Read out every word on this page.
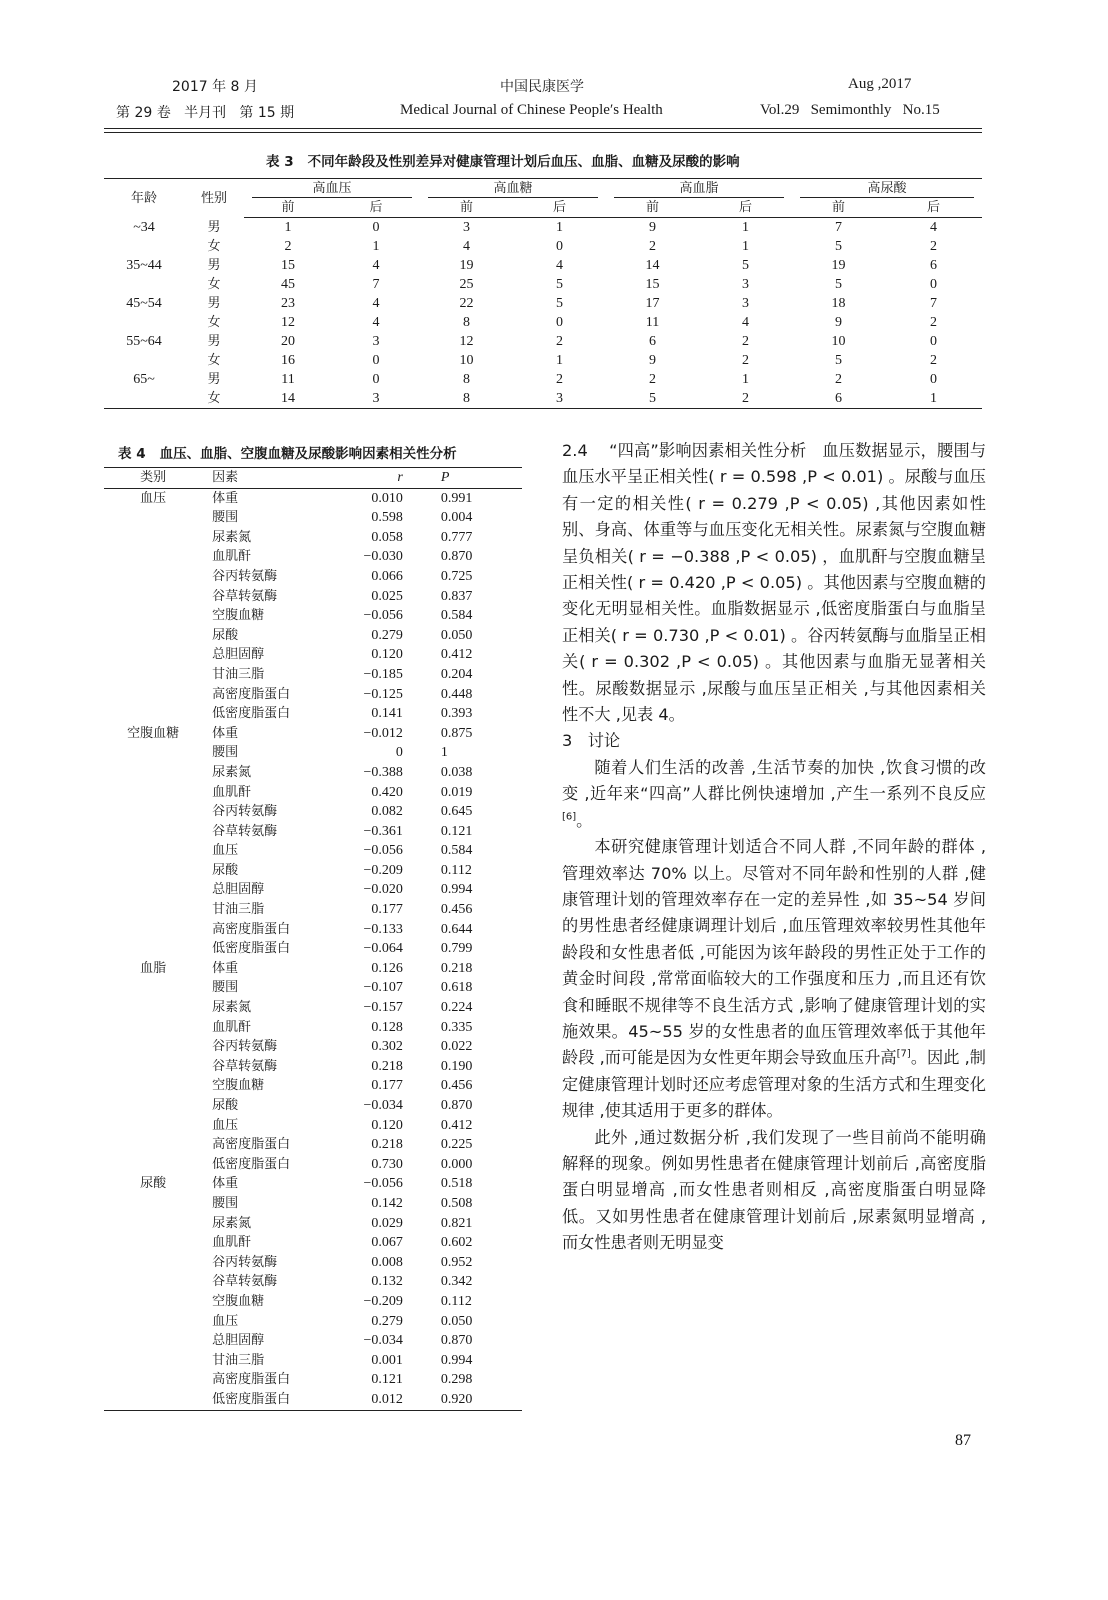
2017 年 8 月
第 29 卷   半月刊   第 15 期
中国民康医学
Medical Journal of Chinese People′s Health
Aug ,2017
Vol.29   Semimonthly   No.15
表 3 不同年龄段及性别差异对健康管理计划后血压、血脂、血糖及尿酸的影响
年龄	性别	高血压		高血糖		高血脂		高尿酸	

		前	后	前	后	前	后	前	后
~34	男	1	0	3	1	9	1	7	4
	女	2	1	4	0	2	1	5	2
35~44	男	15	4	19	4	14	5	19	6
	女	45	7	25	5	15	3	5	0
45~54	男	23	4	22	5	17	3	18	7
	女	12	4	8	0	11	4	9	2
55~64	男	20	3	12	2	6	2	10	0
	女	16	0	10	1	9	2	5	2
65~	男	11	0	8	2	2	1	2	0
	女	14	3	8	3	5	2	6	1
表 4 血压、血脂、空腹血糖及尿酸影响因素相关性分析
类别	因素	r	P
血压	体重	0.010	0.991
	腰围	0.598	0.004
	尿素氮	0.058	0.777
	血肌酐	−0.030	0.870
	谷丙转氨酶	0.066	0.725
	谷草转氨酶	0.025	0.837
	空腹血糖	−0.056	0.584
	尿酸	0.279	0.050
	总胆固醇	0.120	0.412
	甘油三脂	−0.185	0.204
	高密度脂蛋白	−0.125	0.448
	低密度脂蛋白	0.141	0.393
空腹血糖	体重	−0.012	0.875
	腰围	0	1
	尿素氮	−0.388	0.038
	血肌酐	0.420	0.019
	谷丙转氨酶	0.082	0.645
	谷草转氨酶	−0.361	0.121
	血压	−0.056	0.584
	尿酸	−0.209	0.112
	总胆固醇	−0.020	0.994
	甘油三脂	0.177	0.456
	高密度脂蛋白	−0.133	0.644
	低密度脂蛋白	−0.064	0.799
血脂	体重	0.126	0.218
	腰围	−0.107	0.618
	尿素氮	−0.157	0.224
	血肌酐	0.128	0.335
	谷丙转氨酶	0.302	0.022
	谷草转氨酶	0.218	0.190
	空腹血糖	0.177	0.456
	尿酸	−0.034	0.870
	血压	0.120	0.412
	高密度脂蛋白	0.218	0.225
	低密度脂蛋白	0.730	0.000
尿酸	体重	−0.056	0.518
	腰围	0.142	0.508
	尿素氮	0.029	0.821
	血肌酐	0.067	0.602
	谷丙转氨酶	0.008	0.952
	谷草转氨酶	0.132	0.342
	空腹血糖	−0.209	0.112
	血压	0.279	0.050
	总胆固醇	−0.034	0.870
	甘油三脂	0.001	0.994
	高密度脂蛋白	0.121	0.298
	低密度脂蛋白	0.012	0.920

2.4 “四高”影响因素相关性分析 血压数据显示，腰围与血压水平呈正相关性( r = 0.598 ,P < 0.01) 。尿酸与血压有一定的相关性( r = 0.279 ,P < 0.05) ,其他因素如性别、身高、体重等与血压变化无相关性。尿素氮与空腹血糖呈负相关( r = −0.388 ,P < 0.05) ，血肌酐与空腹血糖呈正相关性( r = 0.420 ,P < 0.05) 。其他因素与空腹血糖的变化无明显相关性。血脂数据显示 ,低密度脂蛋白与血脂呈正相关( r = 0.730 ,P < 0.01) 。谷丙转氨酶与血脂呈正相关( r = 0.302 ,P < 0.05) 。其他因素与血脂无显著相关性。尿酸数据显示 ,尿酸与血压呈正相关 ,与其他因素相关性不大 ,见表 4。

3 讨论

随着人们生活的改善 ,生活节奏的加快 ,饮食习惯的改变 ,近年来“四高”人群比例快速增加 ,产生一系列不良反应[6]。

本研究健康管理计划适合不同人群 ,不同年龄的群体 ,管理效率达 70% 以上。尽管对不同年龄和性别的人群 ,健康管理计划的管理效率存在一定的差异性 ,如 35~54 岁间的男性患者经健康调理计划后 ,血压管理效率较男性其他年龄段和女性患者低 ,可能因为该年龄段的男性正处于工作的黄金时间段 ,常常面临较大的工作强度和压力 ,而且还有饮食和睡眠不规律等不良生活方式 ,影响了健康管理计划的实施效果。45~55 岁的女性患者的血压管理效率低于其他年龄段 ,而可能是因为女性更年期会导致血压升高[7]。因此 ,制定健康管理计划时还应考虑管理对象的生活方式和生理变化规律 ,使其适用于更多的群体。

此外 ,通过数据分析 ,我们发现了一些目前尚不能明确解释的现象。例如男性患者在健康管理计划前后 ,高密度脂蛋白明显增高 ,而女性患者则相反 ,高密度脂蛋白明显降低。又如男性患者在健康管理计划前后 ,尿素氮明显增高 ,而女性患者则无明显变

87
